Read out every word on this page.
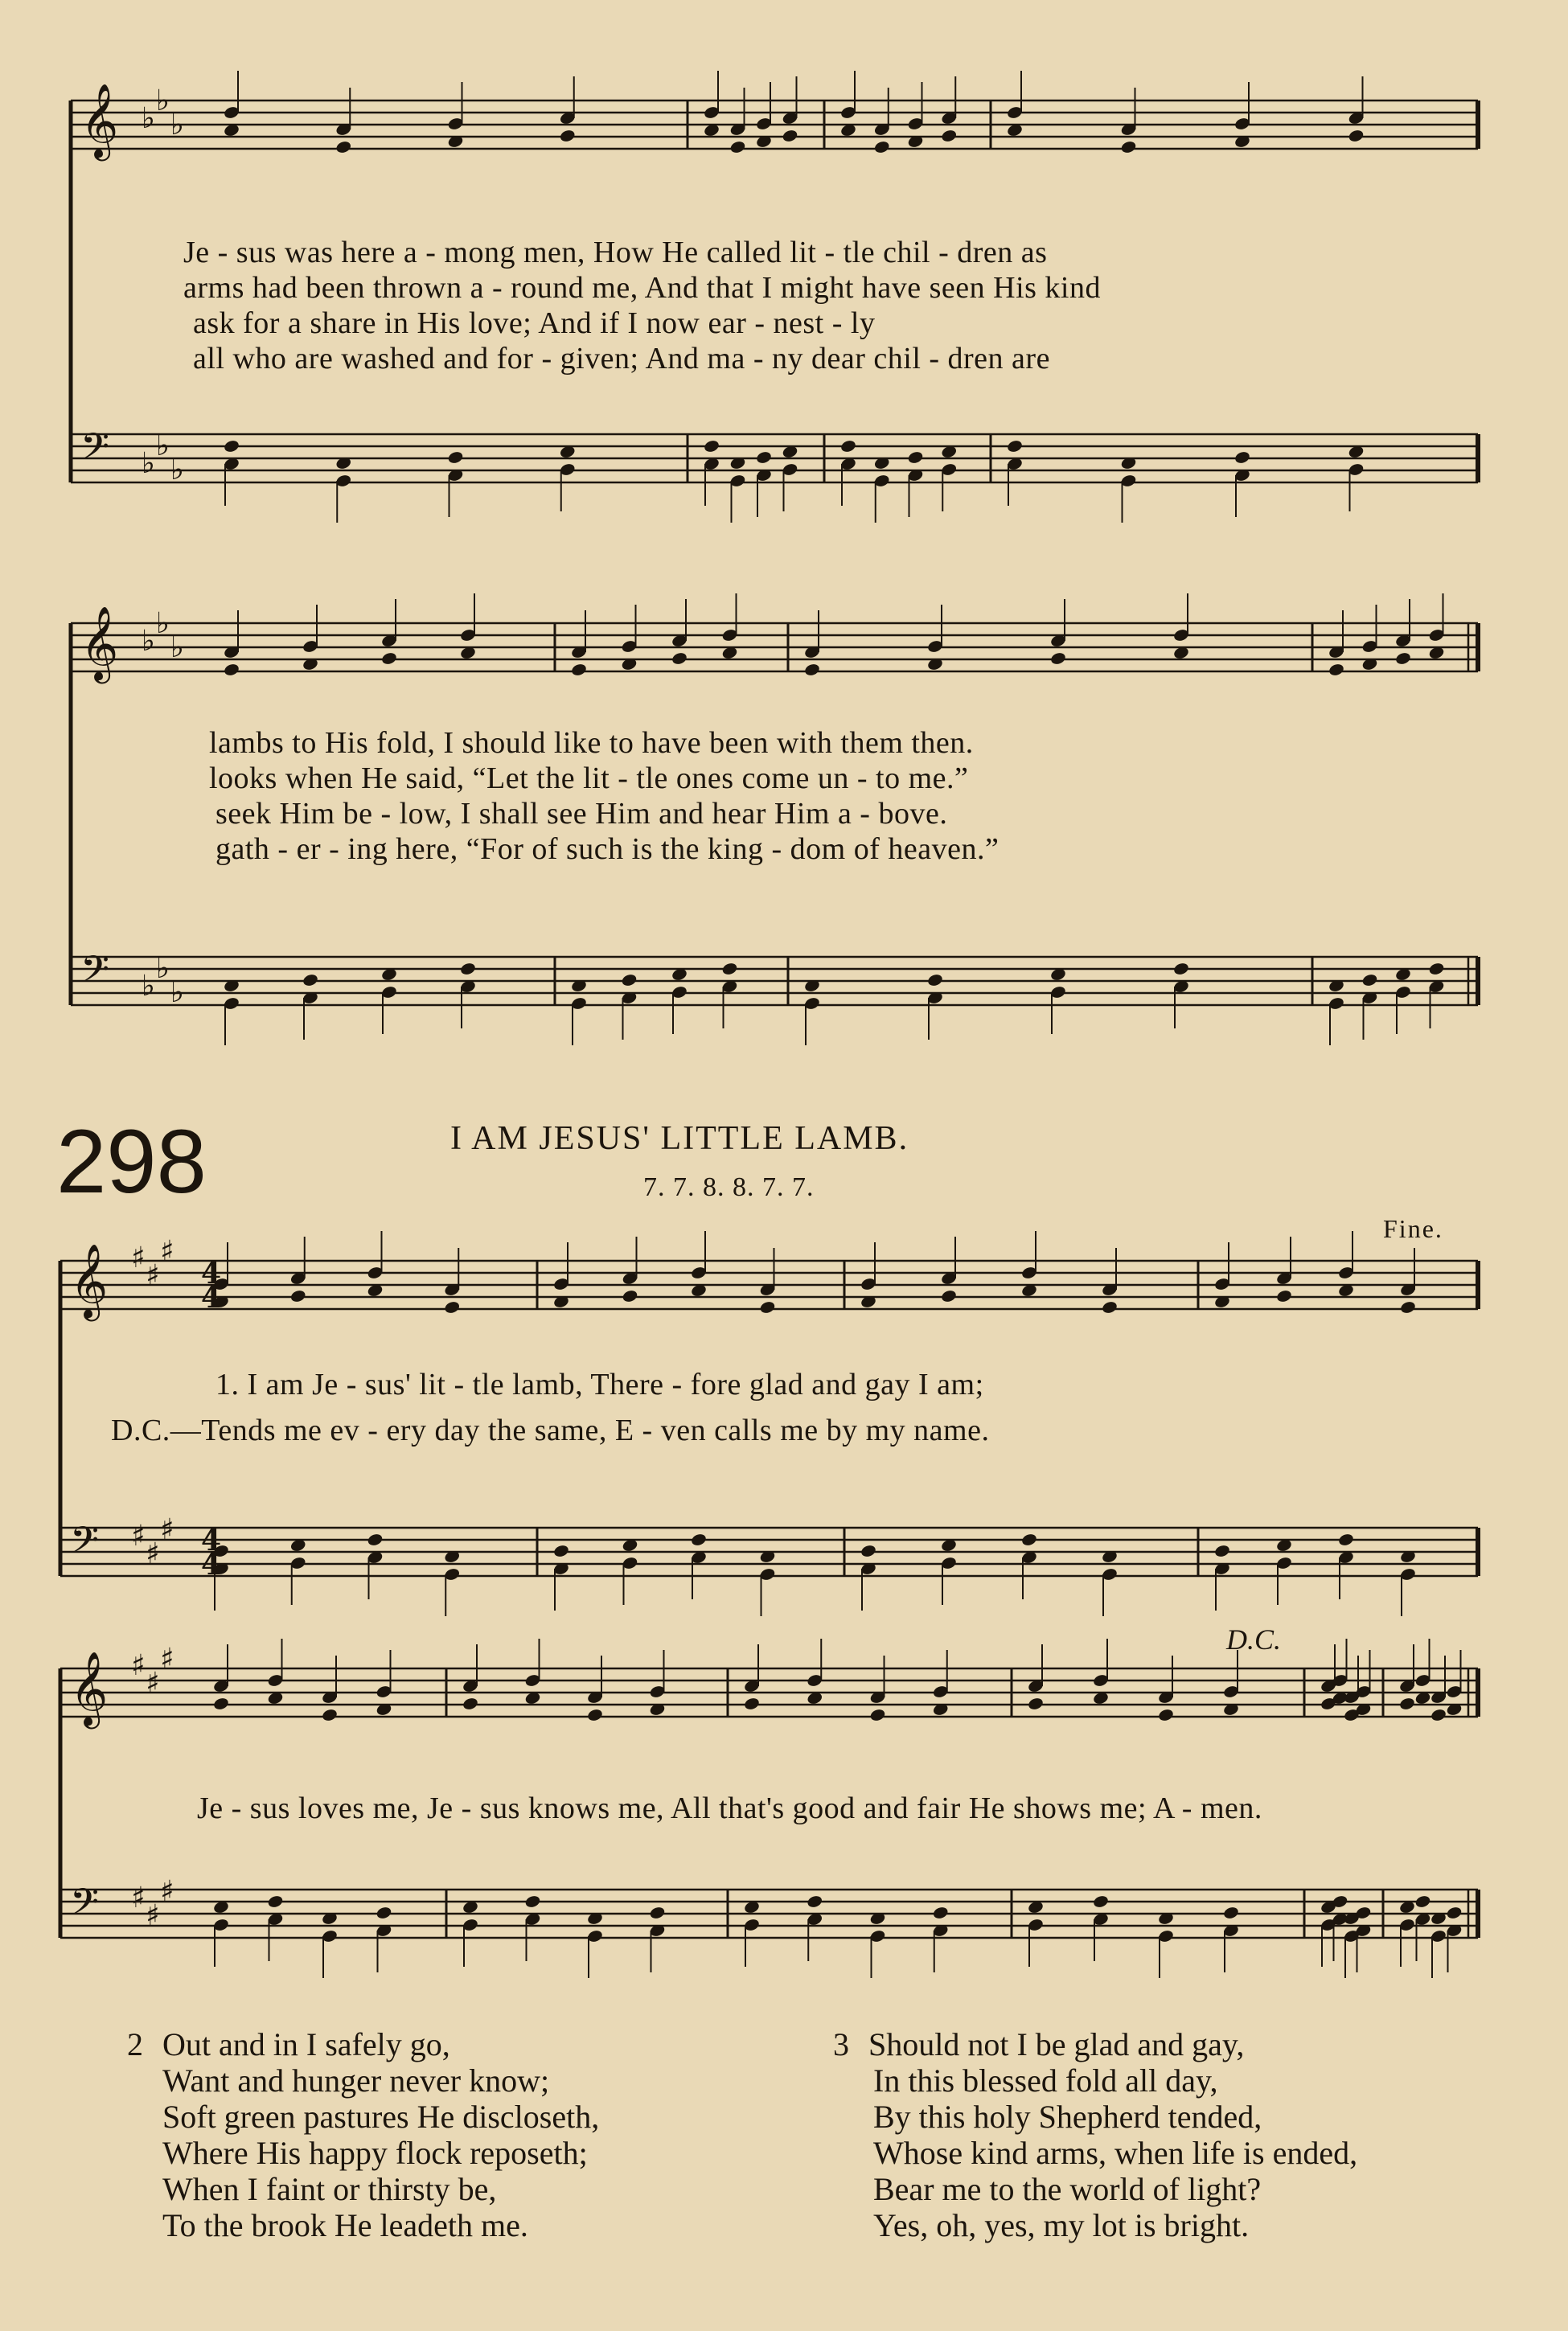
𝄞 ♭
♭
♭
𝄢 ♭
♭
♭
𝄞 ♭
♭
♭
𝄢 ♭
♭
♭
𝄞 ♯
♯
♯
𝄢 ♯
♯
♯
𝄞 ♯
♯
♯
𝄢 ♯
♯
♯
4
4
4
4
Je - sus was here a - mong men, How He called lit - tle chil - dren as
arms had been thrown a - round me, And that I might have seen His kind
ask for a share in His love; And if I now ear - nest - ly
all who are washed and for - given; And ma - ny dear chil - dren are
lambs to His fold, I should like to have been with them then.
looks when He said, “Let the lit - tle ones come un - to me.”
seek Him be - low, I shall see Him and hear Him a - bove.
gath - er - ing here, “For of such is the king - dom of heaven.”
298	I AM JESUS' LITTLE LAMB.
7. 7. 8. 8. 7. 7.
Fine.
D.C.
1. I am Je - sus' lit - tle lamb, There - fore glad and gay I am;
D.C.—Tends me ev - ery day the same, E - ven calls me by my name.
Je - sus loves me, Je - sus knows me, All that's good and fair He shows me; A - men.
2 Out and in I safely go,
Want and hunger never know;
Soft green pastures He discloseth,
Where His happy flock reposeth;
When I faint or thirsty be,
To the brook He leadeth me.
3 Should not I be glad and gay,
In this blessed fold all day,
By this holy Shepherd tended,
Whose kind arms, when life is ended,
Bear me to the world of light?
Yes, oh, yes, my lot is bright.
